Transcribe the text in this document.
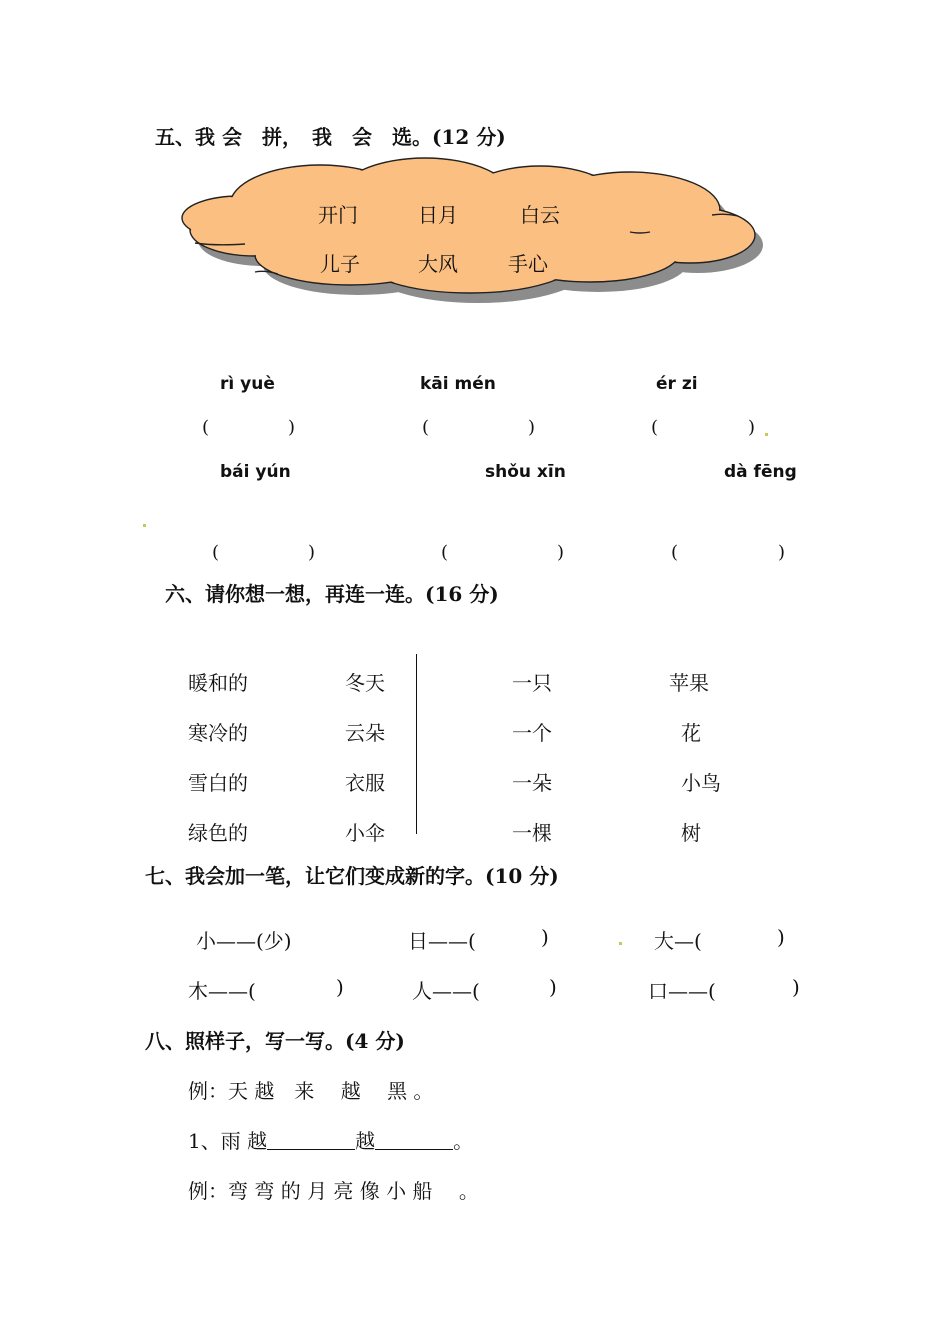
五、我 会　拼，　我　会　选。(12 分)
开门	日月	白云
儿子	大风	手心
rì yuè	kāi mén	ér zi
(	)	(	)	(	)
bái yún	shǒu xīn	dà fēng
(	)	(	)	(	)
六、请你想一想，再连一连。(16 分)
暖和的	冬天	一只	苹果
寒冷的	云朵	一个	花
雪白的	衣服	一朵	小鸟
绿色的	小伞	一棵	树
七、我会加一笔，让它们变成新的字。(10 分)
小——(少)	日——(	)	大—(	)
木——(	)	人——(	)	口——(	)
八、照样子，写一写。(4 分)
例：天 越　来　 越　 黑 。
1、雨 越	越	。
例：弯 弯 的 月 亮 像 小 船　 。
